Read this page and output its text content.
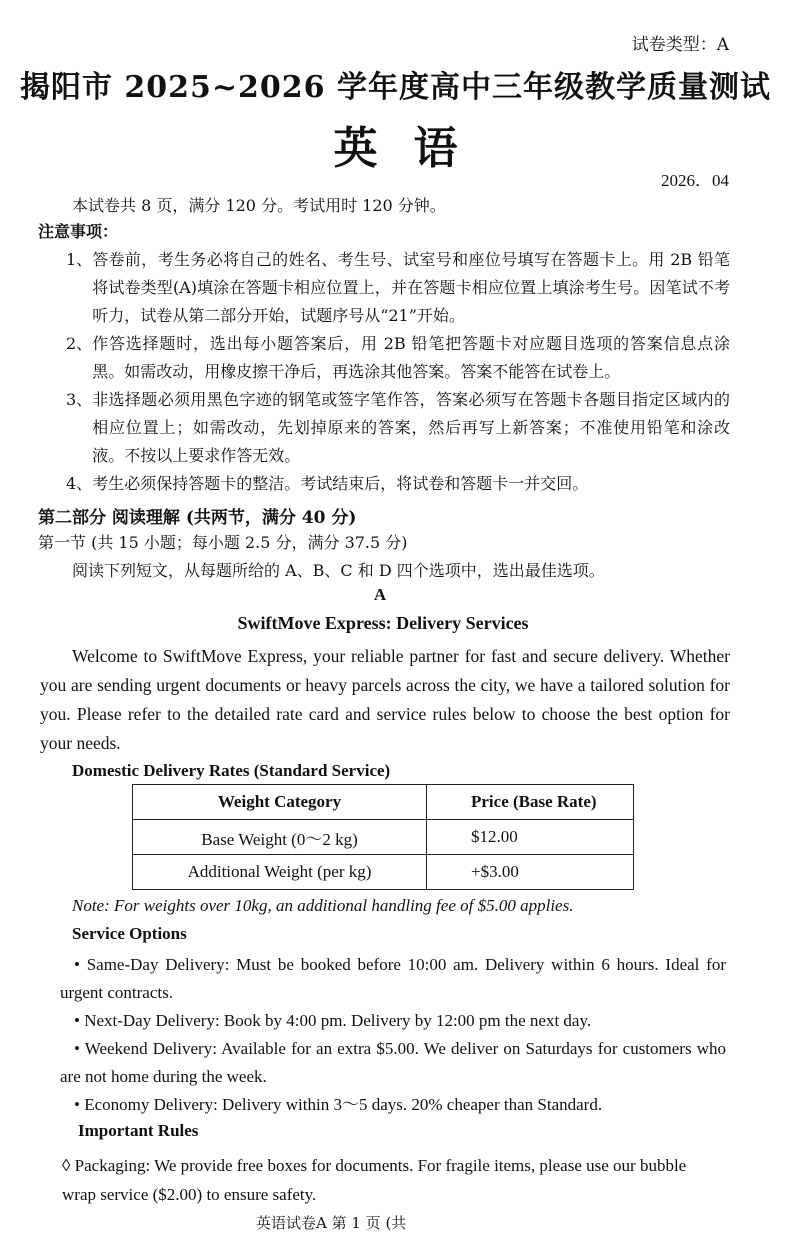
试卷类型：A
揭阳市 2025~2026 学年度高中三年级教学质量测试
英语
2026．04
本试卷共 8 页，满分 120 分。考试用时 120 分钟。
注意事项：
1、 答卷前，考生务必将自己的姓名、考生号、试室号和座位号填写在答题卡上。用 2B 铅笔将试卷类型(A)填涂在答题卡相应位置上，并在答题卡相应位置上填涂考生号。因笔试不考听力，试卷从第二部分开始，试题序号从“21”开始。
2、 作答选择题时，选出每小题答案后，用 2B 铅笔把答题卡对应题目选项的答案信息点涂黑。如需改动，用橡皮擦干净后，再选涂其他答案。答案不能答在试卷上。
3、 非选择题必须用黑色字迹的钢笔或签字笔作答，答案必须写在答题卡各题目指定区域内的相应位置上；如需改动，先划掉原来的答案，然后再写上新答案；不准使用铅笔和涂改液。不按以上要求作答无效。
4、 考生必须保持答题卡的整洁。考试结束后，将试卷和答题卡一并交回。
第二部分 阅读理解 (共两节，满分 40 分)
第一节 (共 15 小题；每小题 2.5 分，满分 37.5 分)
阅读下列短文，从每题所给的 A、B、C 和 D 四个选项中，选出最佳选项。
A
SwiftMove Express: Delivery Services
Welcome to SwiftMove Express, your reliable partner for fast and secure delivery. Whether you are sending urgent documents or heavy parcels across the city, we have a tailored solution for you. Please refer to the detailed rate card and service rules below to choose the best option for your needs.
Domestic Delivery Rates (Standard Service)
Weight Category	Price (Base Rate)
Base Weight (0～2 kg)	$12.00
Additional Weight (per kg)	+$3.00
Note: For weights over 10kg, an additional handling fee of $5.00 applies.
Service Options
• Same-Day Delivery: Must be booked before 10:00 am. Delivery within 6 hours. Ideal for urgent contracts.
• Next-Day Delivery: Book by 4:00 pm. Delivery by 12:00 pm the next day.
• Weekend Delivery: Available for an extra $5.00. We deliver on Saturdays for customers who are not home during the week.
• Economy Delivery: Delivery within 3～5 days. 20% cheaper than Standard.
Important Rules
◊ Packaging: We provide free boxes for documents. For fragile items, please use our bubble wrap service ($2.00) to ensure safety.
英语试卷A 第 1 页 (共
